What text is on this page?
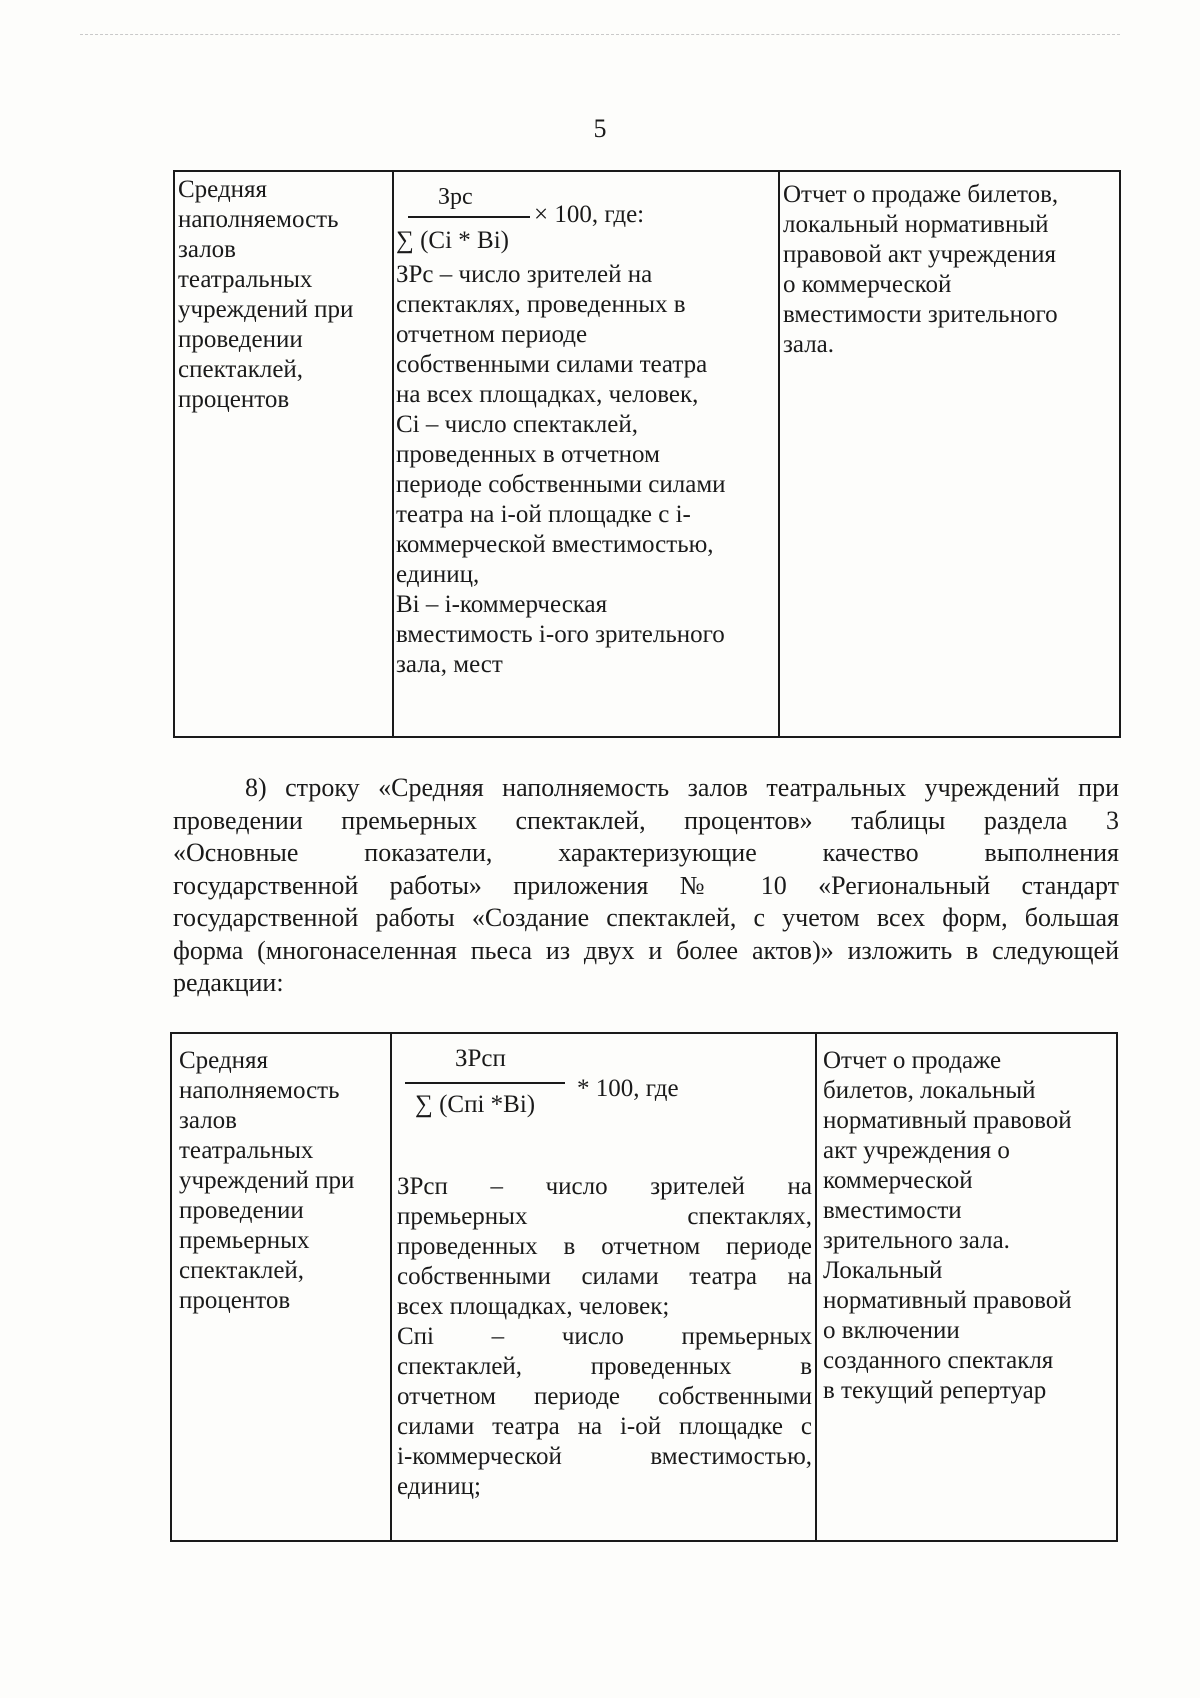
5
Средняя
наполняемость
залов
театральных
учреждений при
проведении
спектаклей,
процентов
Зрс
× 100, где:
∑ (Сi * Вi)
ЗРс – число зрителей на
спектаклях, проведенных в
отчетном периоде
собственными силами театра
на всех площадках, человек,
Сi – число спектаклей,
проведенных в отчетном
периоде собственными силами
театра на i-ой площадке с i-
коммерческой вместимостью,
единиц,
Вi – i-коммерческая
вместимость i-ого зрительного
зала, мест
Отчет о продаже билетов,
локальный нормативный
правовой акт учреждения
о коммерческой
вместимости зрительного
зала.
8) строку «Средняя наполняемость залов театральных учреждений при
проведении премьерных спектаклей, процентов» таблицы раздела 3
«Основные показатели, характеризующие качество выполнения
государственной работы» приложения № 10 «Региональный стандарт
государственной работы «Создание спектаклей, с учетом всех форм, большая
форма (многонаселенная пьеса из двух и более актов)» изложить в следующей
редакции:
Средняя
наполняемость
залов
театральных
учреждений при
проведении
премьерных
спектаклей,
процентов
ЗРсп
* 100, где
∑ (Спi *Вi)
ЗРсп – число зрителей на
премьерных спектаклях,
проведенных в отчетном периоде
собственными силами театра на
всех площадках, человек;
Спi – число премьерных
спектаклей, проведенных в
отчетном периоде собственными
силами театра на i-ой площадке с
i-коммерческой вместимостью,
единиц;
Отчет о продаже
билетов, локальный
нормативный правовой
акт учреждения о
коммерческой
вместимости
зрительного зала.
Локальный
нормативный правовой
о включении
созданного спектакля
в текущий репертуар
